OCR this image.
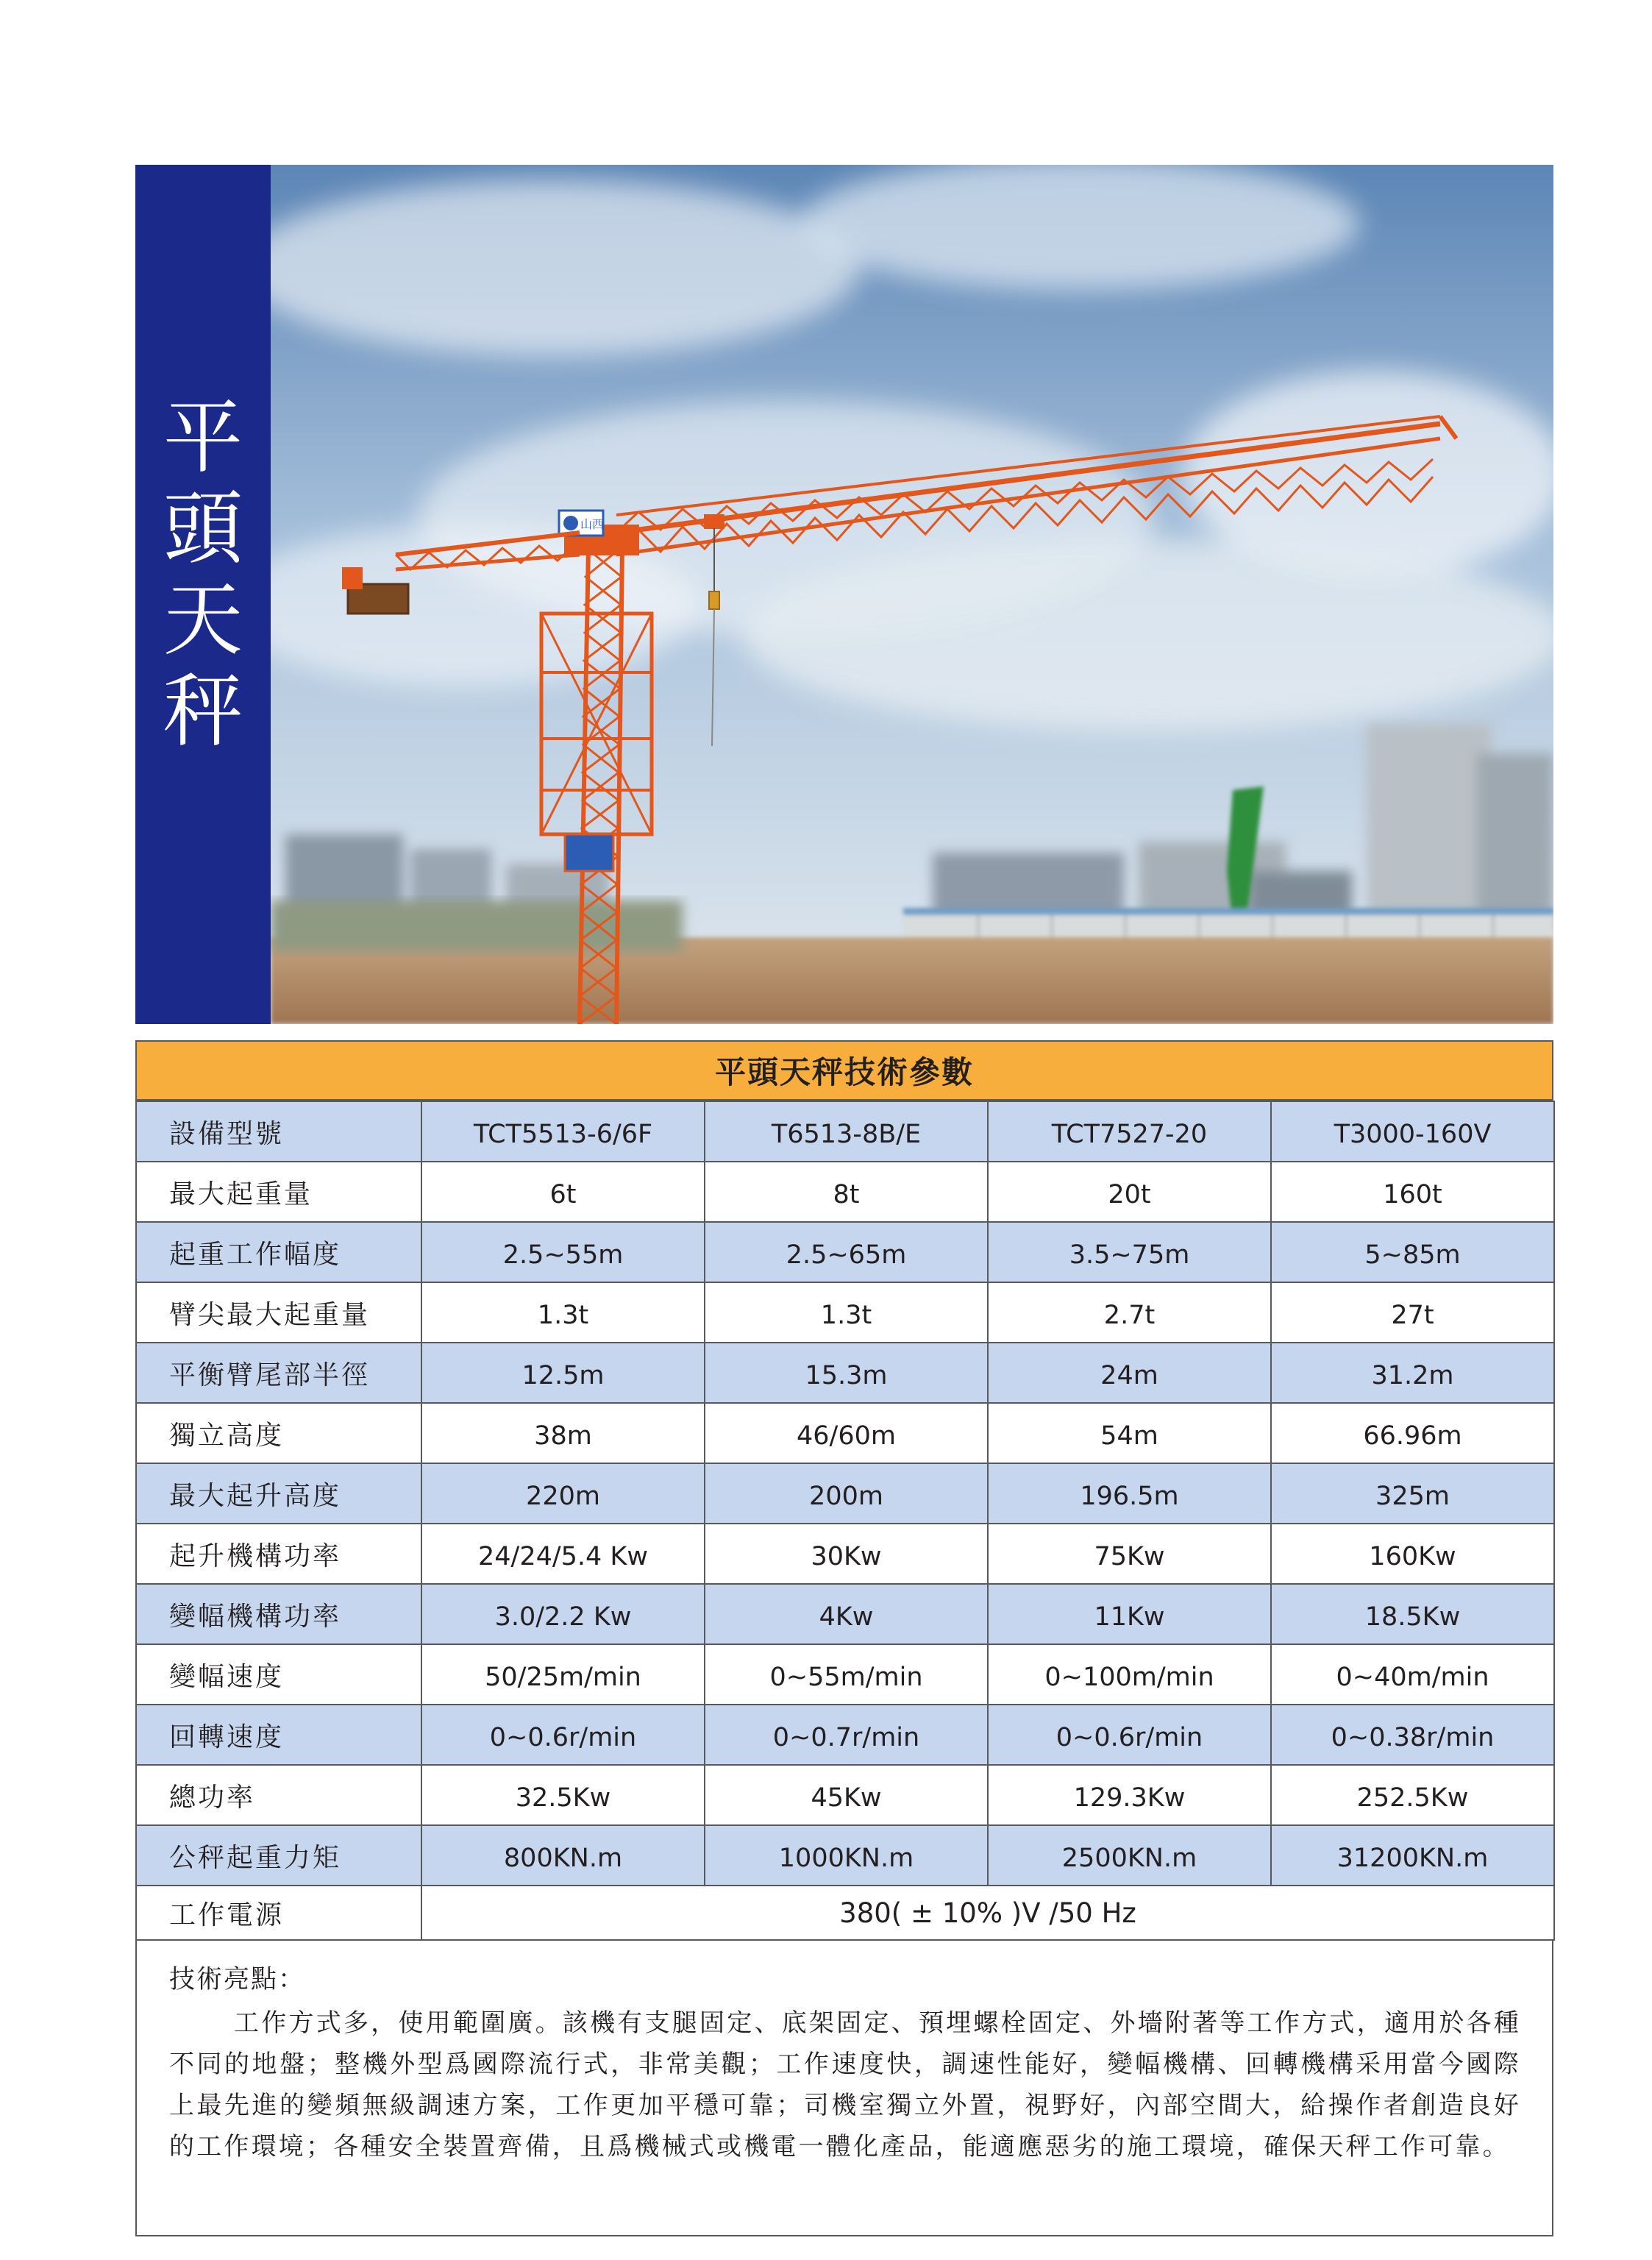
平
頭
天
秤
山西
平頭天秤技術參數
設備型號	TCT5513-6/6F	T6513-8B/E	TCT7527-20	T3000-160V
最大起重量	6t	8t	20t	160t
起重工作幅度	2.5~55m	2.5~65m	3.5~75m	5~85m
臂尖最大起重量	1.3t	1.3t	2.7t	27t
平衡臂尾部半徑	12.5m	15.3m	24m	31.2m
獨立高度	38m	46/60m	54m	66.96m
最大起升高度	220m	200m	196.5m	325m
起升機構功率	24/24/5.4 Kw	30Kw	75Kw	160Kw
變幅機構功率	3.0/2.2 Kw	4Kw	11Kw	18.5Kw
變幅速度	50/25m/min	0~55m/min	0~100m/min	0~40m/min
回轉速度	0~0.6r/min	0~0.7r/min	0~0.6r/min	0~0.38r/min
總功率	32.5Kw	45Kw	129.3Kw	252.5Kw
公秤起重力矩	800KN.m	1000KN.m	2500KN.m	31200KN.m
工作電源	380( ± 10% )V /50 Hz			
技術亮點：
工作方式多，使用範圍廣。該機有支腿固定、底架固定、預埋螺栓固定、外墻附著等工作方式，適用於各種不同的地盤；整機外型爲國際流行式，非常美觀；工作速度快，調速性能好，變幅機構、回轉機構采用當今國際上最先進的變頻無級調速方案，工作更加平穩可靠；司機室獨立外置，視野好，內部空間大，給操作者創造良好的工作環境；各種安全裝置齊備，且爲機械式或機電一體化產品，能適應惡劣的施工環境，確保天秤工作可靠。
